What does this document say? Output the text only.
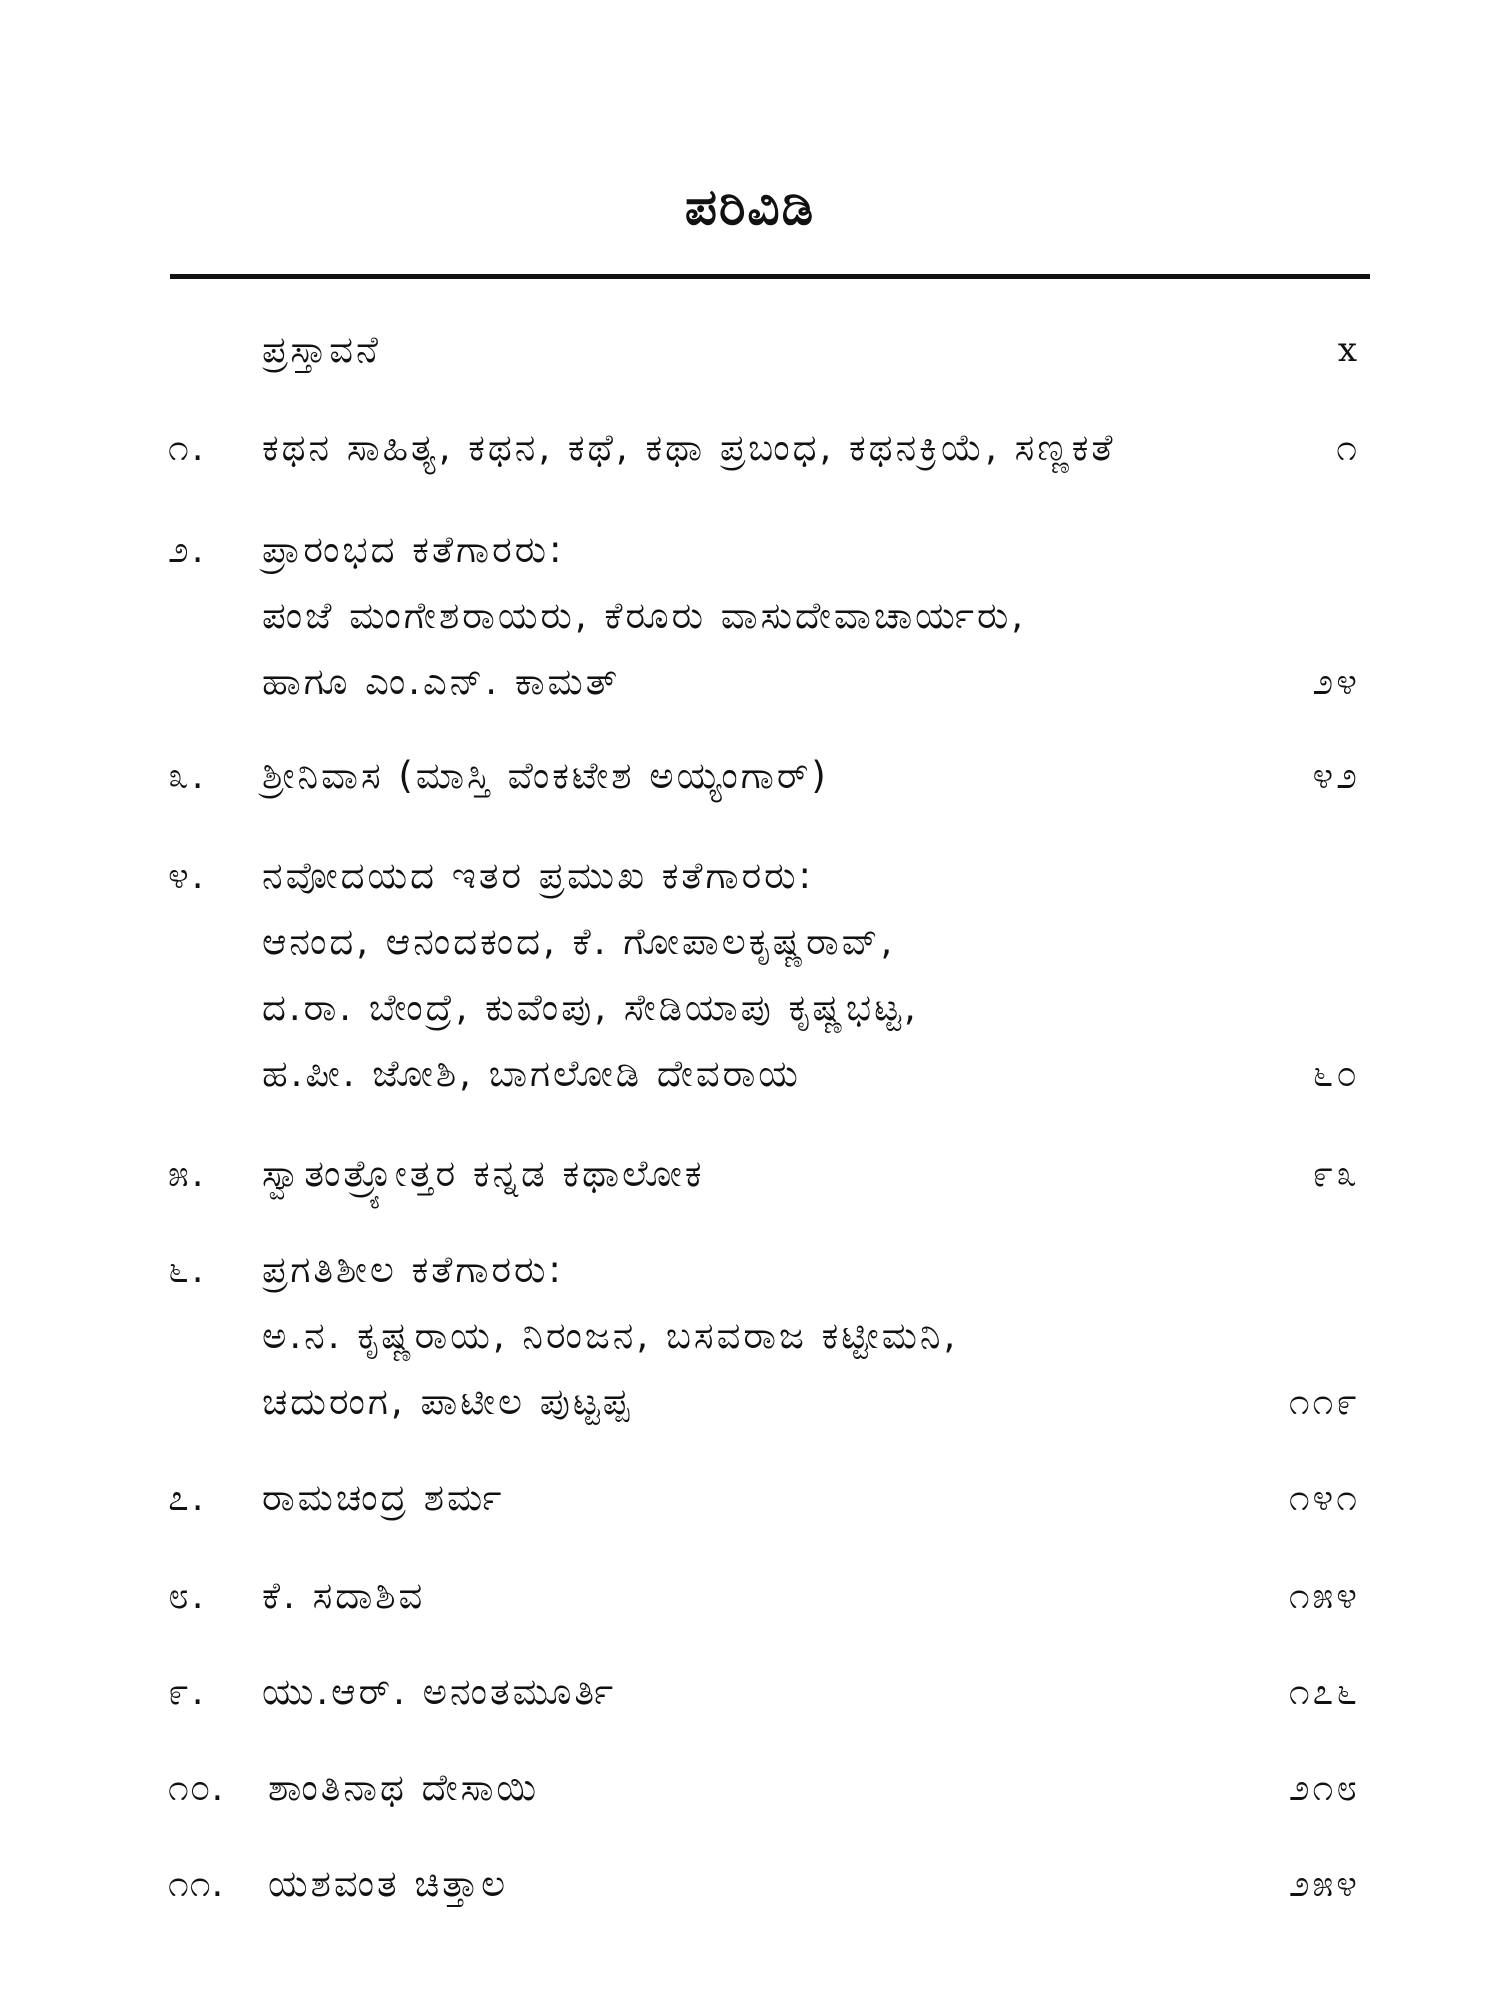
ಪರಿವಿಡಿ
ಪ್ರಸ್ತಾವನೆ	x
೧.	ಕಥನ ಸಾಹಿತ್ಯ, ಕಥನ, ಕಥೆ, ಕಥಾ ಪ್ರಬಂಧ, ಕಥನಕ್ರಿಯೆ, ಸಣ್ಣಕತೆ	೧
೨.	ಪ್ರಾರಂಭದ ಕತೆಗಾರರು:
ಪಂಜೆ ಮಂಗೇಶರಾಯರು, ಕೆರೂರು ವಾಸುದೇವಾಚಾರ್ಯರು,
ಹಾಗೂ ಎಂ.ಎನ್. ಕಾಮತ್	೨೪
೩.	ಶ್ರೀನಿವಾಸ (ಮಾಸ್ತಿ ವೆಂಕಟೇಶ ಅಯ್ಯಂಗಾರ್)	೪೨
೪.	ನವೋದಯದ ಇತರ ಪ್ರಮುಖ ಕತೆಗಾರರು:
ಆನಂದ, ಆನಂದಕಂದ, ಕೆ. ಗೋಪಾಲಕೃಷ್ಣರಾವ್,
ದ.ರಾ. ಬೇಂದ್ರೆ, ಕುವೆಂಪು, ಸೇಡಿಯಾಪು ಕೃಷ್ಣಭಟ್ಟ,
ಹ.ಪೀ. ಜೋಶಿ, ಬಾಗಲೋಡಿ ದೇವರಾಯ	೬೦
೫.	ಸ್ವಾತಂತ್ರ್ಯೋತ್ತರ ಕನ್ನಡ ಕಥಾಲೋಕ	೯೩
೬.	ಪ್ರಗತಿಶೀಲ ಕತೆಗಾರರು:
ಅ.ನ. ಕೃಷ್ಣರಾಯ, ನಿರಂಜನ, ಬಸವರಾಜ ಕಟ್ಟೀಮನಿ,
ಚದುರಂಗ, ಪಾಟೀಲ ಪುಟ್ಟಪ್ಪ	೧೧೯
೭.	ರಾಮಚಂದ್ರ ಶರ್ಮ	೧೪೧
೮.	ಕೆ. ಸದಾಶಿವ	೧೫೪
೯.	ಯು.ಆರ್. ಅನಂತಮೂರ್ತಿ	೧೭೬
೧೦.	ಶಾಂತಿನಾಥ ದೇಸಾಯಿ	೨೧೮
೧೧.	ಯಶವಂತ ಚಿತ್ತಾಲ	೨೫೪
